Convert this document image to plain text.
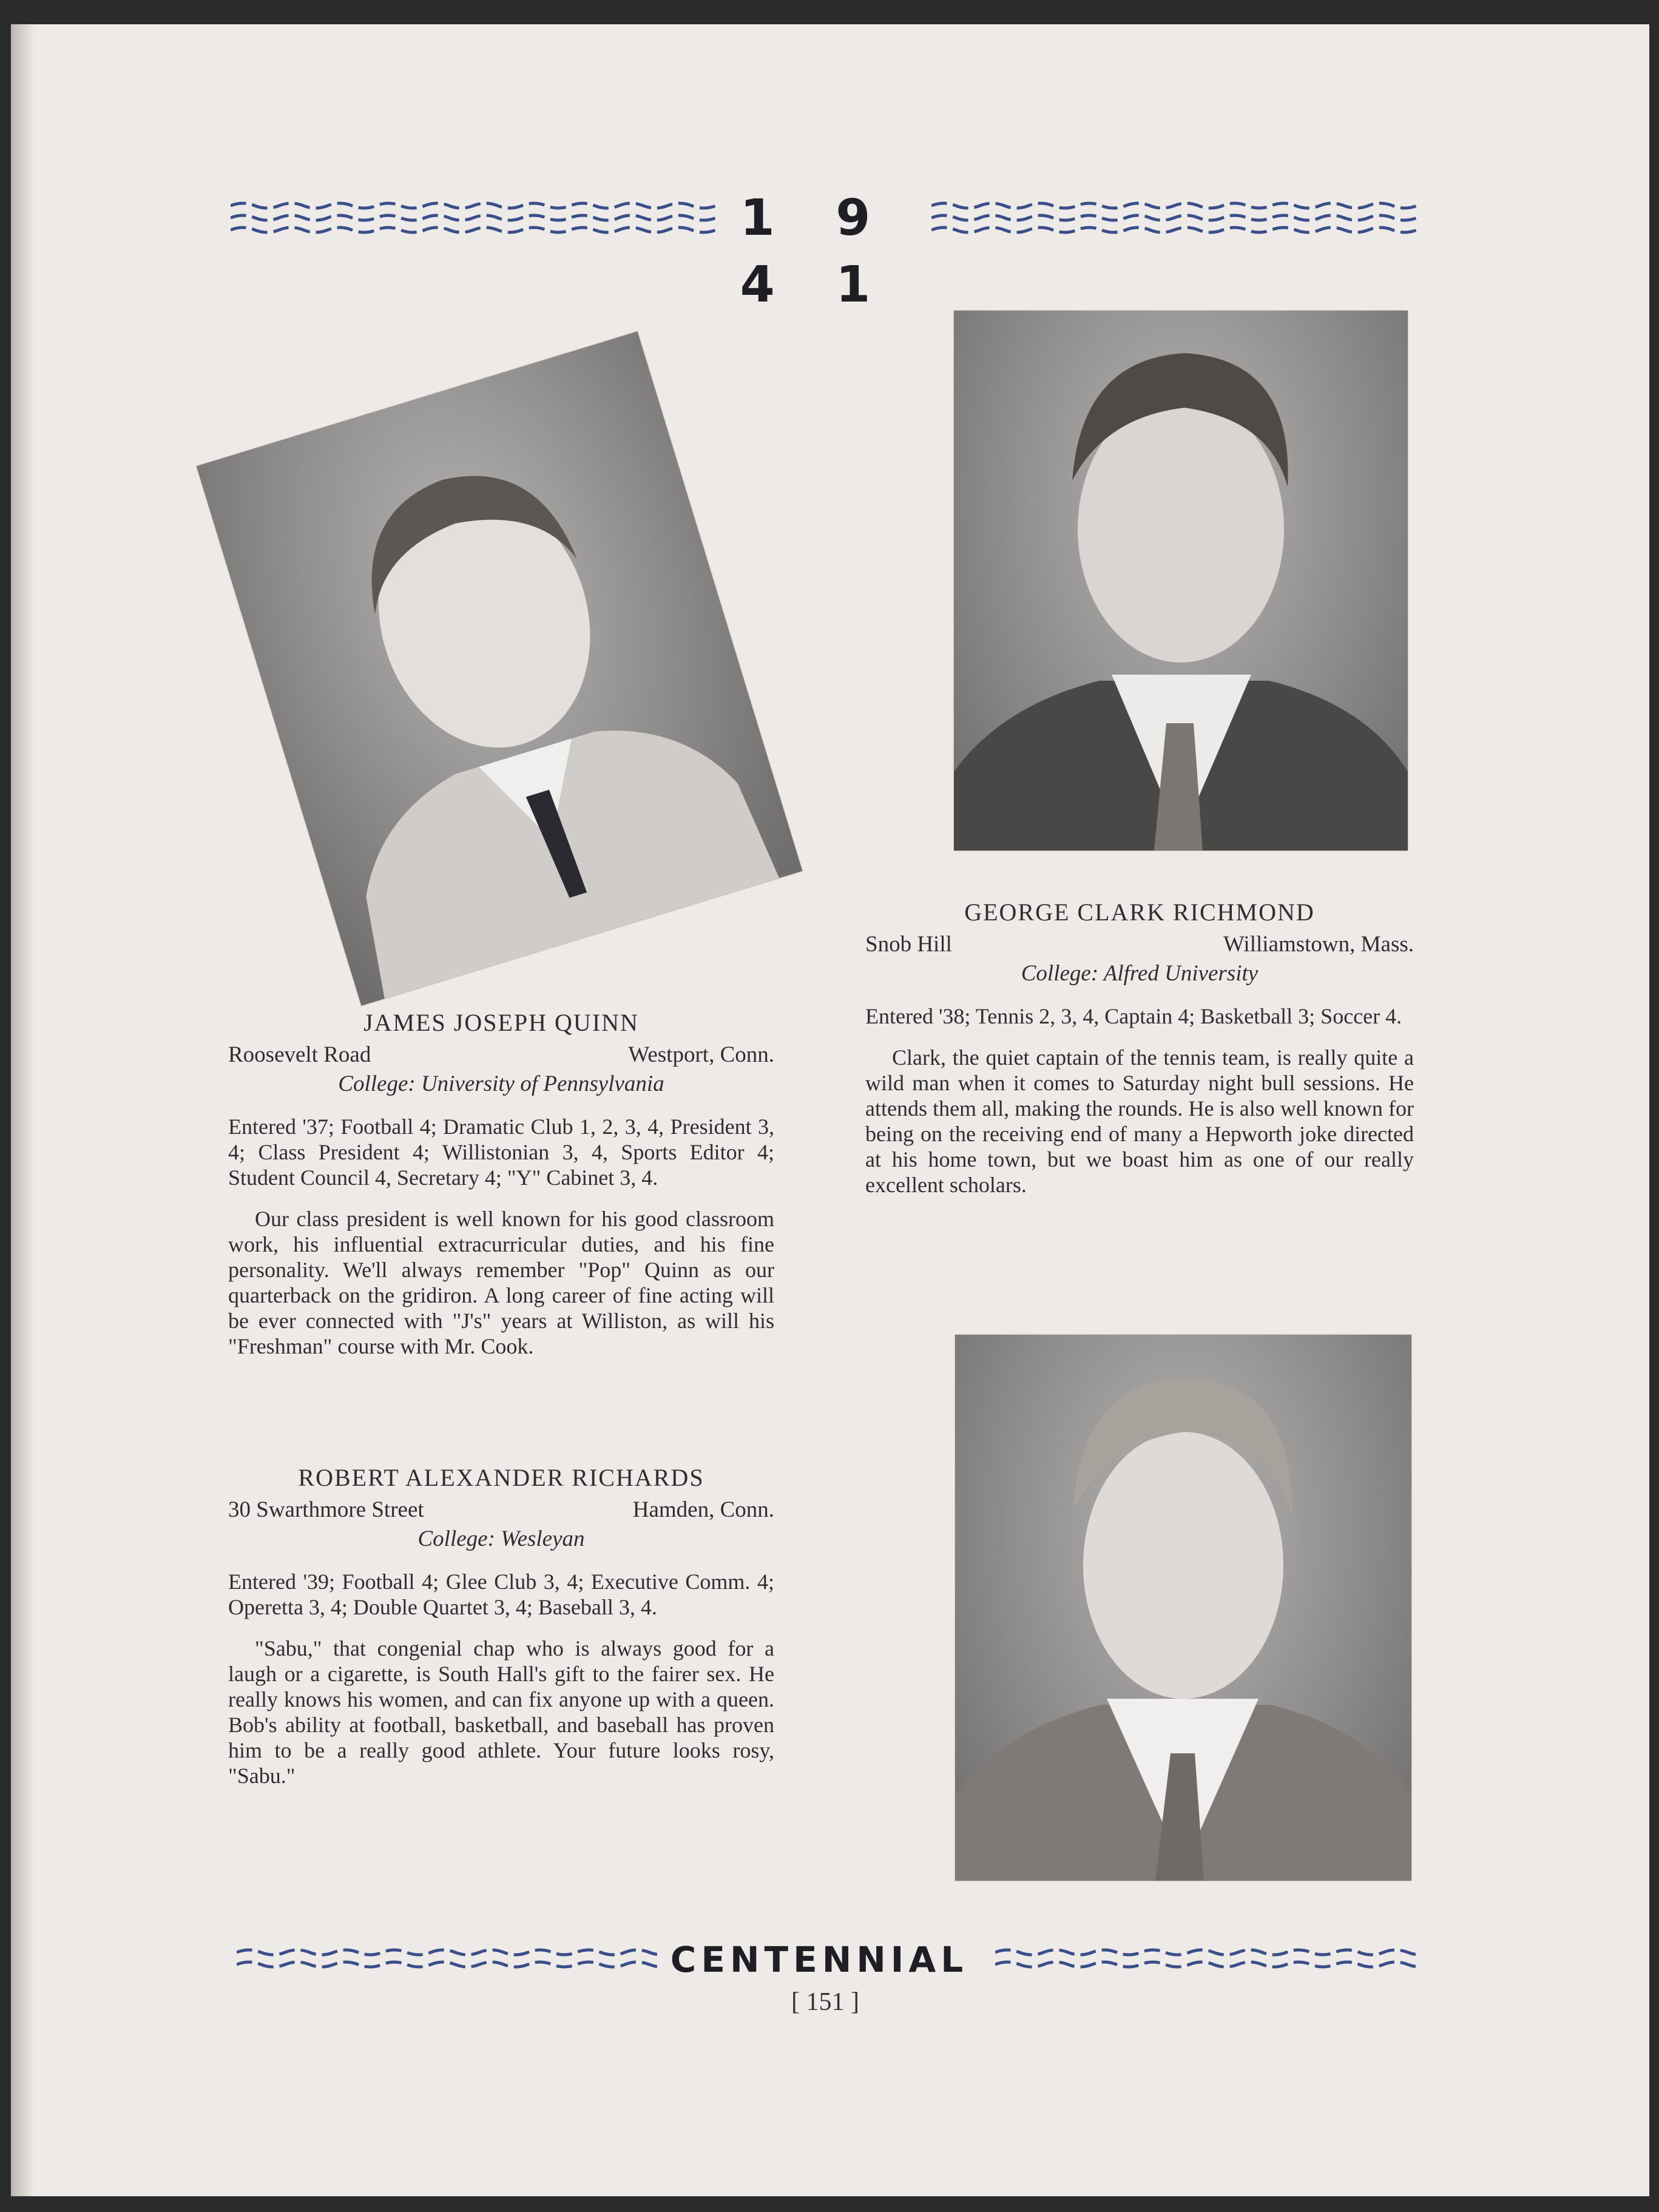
1 9 4 1
JAMES JOSEPH QUINN
Roosevelt Road	Westport, Conn.
College: University of Pennsylvania

Entered '37; Football 4; Dramatic Club 1, 2, 3, 4, President 3, 4; Class President 4; Willistonian 3, 4, Sports Editor 4; Student Council 4, Secretary 4; "Y" Cabinet 3, 4.

Our class president is well known for his good classroom work, his influential extracurricular duties, and his fine personality. We'll always remember "Pop" Quinn as our quarterback on the gridiron. A long career of fine acting will be ever connected with "J's" years at Williston, as will his "Freshman" course with Mr. Cook.

ROBERT ALEXANDER RICHARDS
30 Swarthmore Street	Hamden, Conn.
College: Wesleyan

Entered '39; Football 4; Glee Club 3, 4; Executive Comm. 4; Operetta 3, 4; Double Quartet 3, 4; Baseball 3, 4.

"Sabu," that congenial chap who is always good for a laugh or a cigarette, is South Hall's gift to the fairer sex. He really knows his women, and can fix anyone up with a queen. Bob's ability at football, basketball, and baseball has proven him to be a really good athlete. Your future looks rosy, "Sabu."

GEORGE CLARK RICHMOND
Snob Hill	Williamstown, Mass.
College: Alfred University

Entered '38; Tennis 2, 3, 4, Captain 4; Basketball 3; Soccer 4.

Clark, the quiet captain of the tennis team, is really quite a wild man when it comes to Saturday night bull sessions. He attends them all, making the rounds. He is also well known for being on the receiving end of many a Hepworth joke directed at his home town, but we boast him as one of our really excellent scholars.

CENTENNIAL
[ 151 ]
